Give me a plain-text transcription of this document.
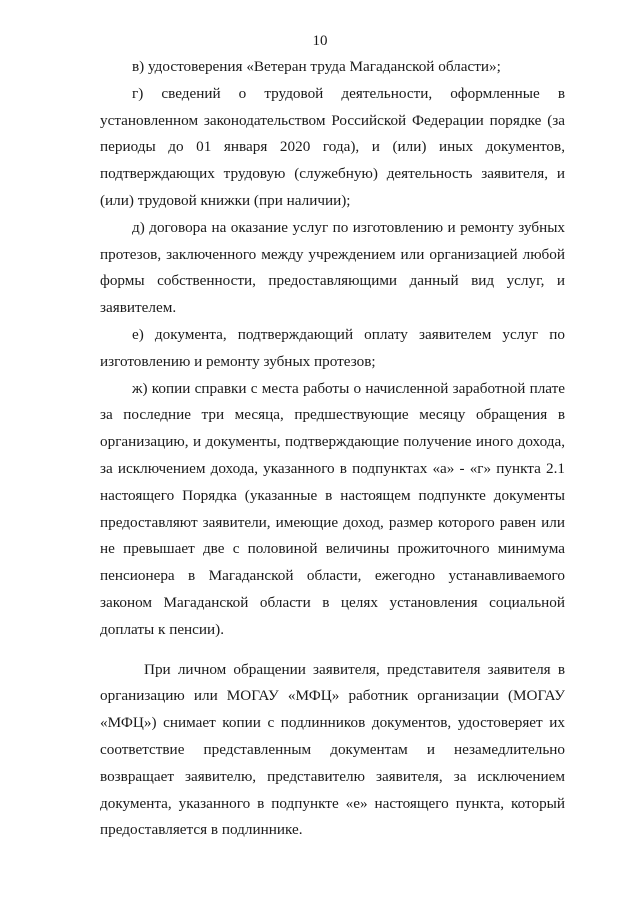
10

в) удостоверения «Ветеран труда Магаданской области»;

г) сведений о трудовой деятельности, оформленные в установленном законодательством Российской Федерации порядке (за периоды до 01 января 2020 года), и (или) иных документов, подтверждающих трудовую (служебную) деятельность заявителя, и (или) трудовой книжки (при наличии);

д) договора на оказание услуг по изготовлению и ремонту зубных протезов, заключенного между учреждением или организацией любой формы собственности, предоставляющими данный вид услуг, и заявителем.

е) документа, подтверждающий оплату заявителем услуг по изготовлению и ремонту зубных протезов;

ж) копии справки с места работы о начисленной заработной плате за последние три месяца, предшествующие месяцу обращения в организацию, и документы, подтверждающие получение иного дохода, за исключением дохода, указанного в подпунктах «а» - «г» пункта 2.1 настоящего Порядка (указанные в настоящем подпункте документы предоставляют заявители, имеющие доход, размер которого равен или не превышает две с половиной величины прожиточного минимума пенсионера в Магаданской области, ежегодно устанавливаемого законом Магаданской области в целях установления социальной доплаты к пенсии).

При личном обращении заявителя, представителя заявителя в организацию или МОГАУ «МФЦ» работник организации (МОГАУ «МФЦ») снимает копии с подлинников документов, удостоверяет их соответствие представленным документам и незамедлительно возвращает заявителю, представителю заявителя, за исключением документа, указанного в подпункте «е» настоящего пункта, который предоставляется в подлиннике.
